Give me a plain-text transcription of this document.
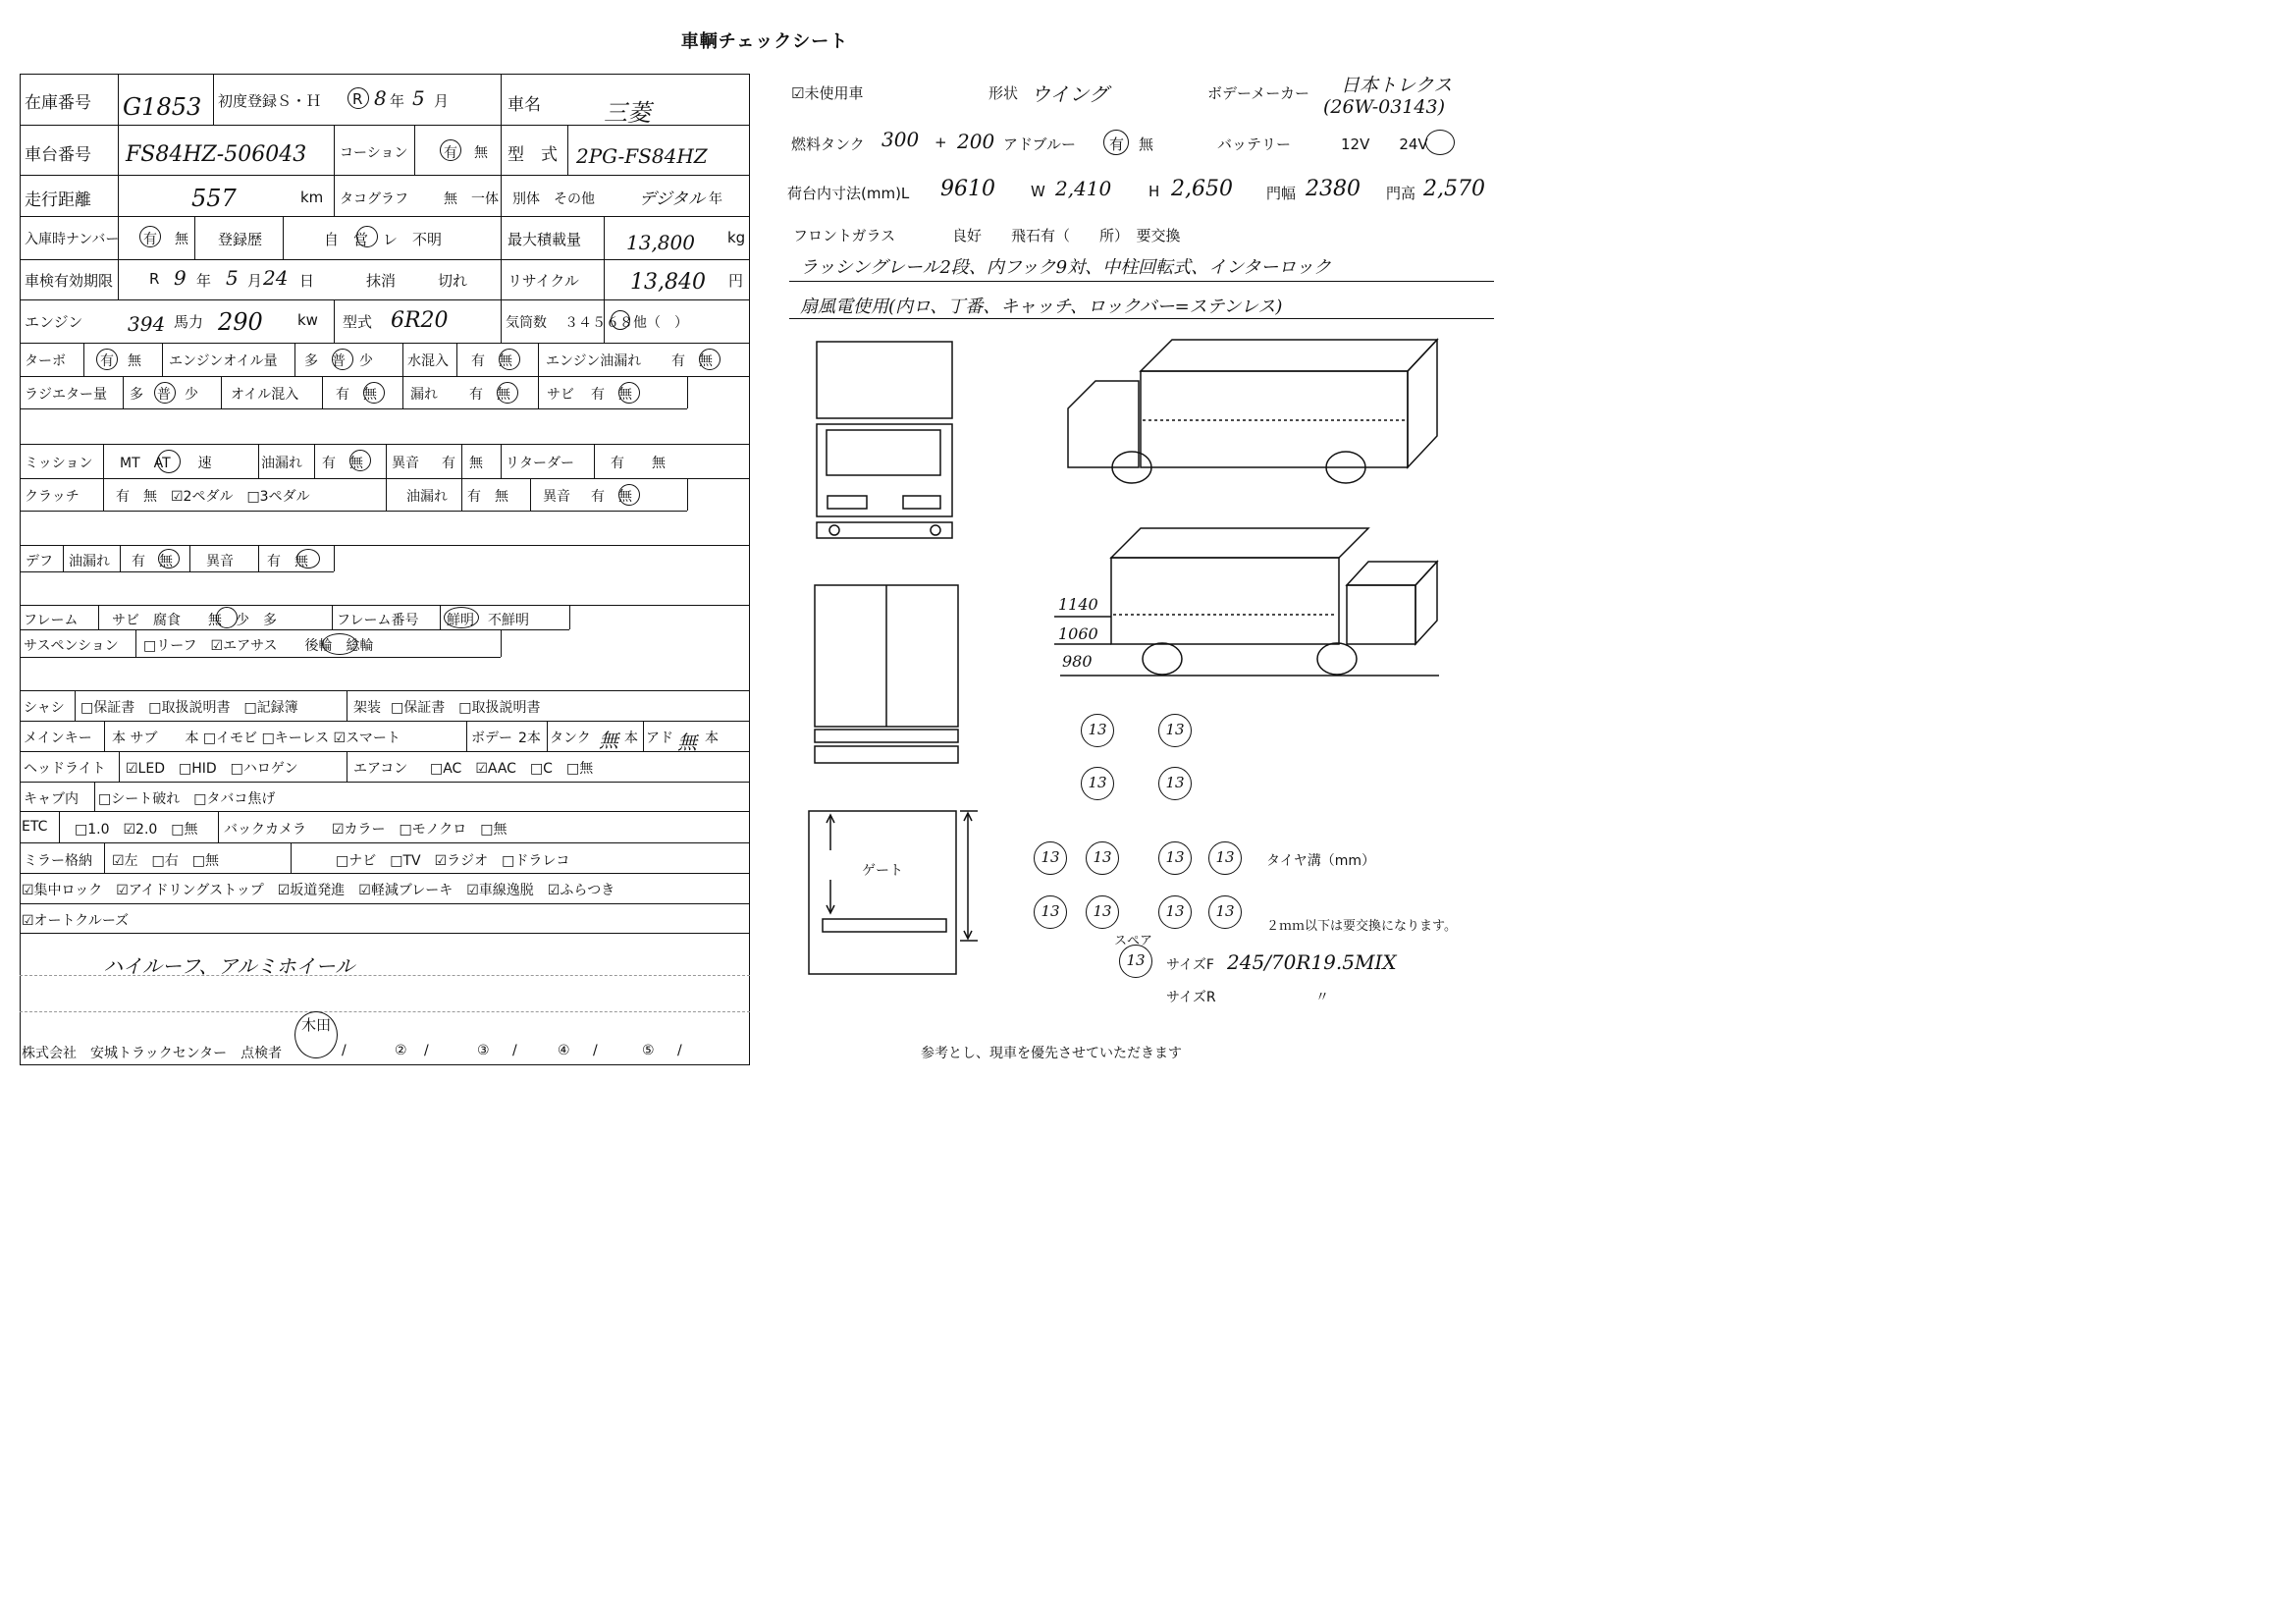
車輌チェックシート
在庫番号 G1853 初度登録Ｓ・Ｈ R 8 年 5 月	車名	三菱
車台番号 FS84HZ-506043 コーション	有 無 型　式 2PG-FS84HZ
走行距離	557	km タコグラフ	無　一体　別体　その他	デジタル 年
入庫時ナンバー 有 無 登録歴	自　営　レ　不明	最大積載量 13,800 kg
車検有効期限 R 9 年 5 月 24 日	抹消	切れ	リサイクル 13,840 円
エンジン 394 馬力 290 kw 型式 6R20	気筒数 ３４５６８他（　）
ターボ	有　無 エンジンオイル量 多　普　少	水混入 有　無 エンジン油漏れ 有　無
ラジエター量 多　普　少 オイル混入	有　無 漏れ 有　無	サビ 有　無
ミッション MT　AT　　速	油漏れ 有　無 異音 有　無 リターダー	有　　無
クラッチ	有　無　☑2ペダル　□3ペダル	油漏れ 有　無	異音 有　無
デフ 油漏れ 有　無 異音 有　無
フレーム サビ　腐食　　無　少　多	フレーム番号 鮮明　不鮮明
サスペンション □リーフ　☑エアサス　　後輪　総輪
シャシ □保証書　□取扱説明書　□記録簿	架装 □保証書　□取扱説明書
メインキー 本 サブ　　本 □イモビ □キーレス ☑スマート	ボデー 2本 タンク 無 本 アド 無 本
ヘッドライト ☑LED　□HID　□ハロゲン	エアコン □AC　☑AAC　□C　□無
キャブ内 □シート破れ　□タバコ焦げ
ETC □1.0　☑2.0　□無 バックカメラ ☑カラー　□モノクロ　□無
ミラー格納 ☑左　□右　□無	□ナビ　□TV　☑ラジオ　□ドラレコ
☑集中ロック　☑アイドリングストップ　☑坂道発進　☑軽減ブレーキ　☑車線逸脱　☑ふらつき
☑オートクルーズ
ハイルーフ、アルミホイール
株式会社　安城トラックセンター　点検者
木田
/	② /	③ /	④ /	⑤ /
☑未使用車	形状 ウイング	ボデーメーカー 日本トレクス
(26W-03143)
燃料タンク 300 + 200 アドブルー 有　無	バッテリー	12V　　24V
荷台内寸法(mm)L 9610 W 2,410	H 2,650 門幅 2380 門高 2,570
フロントガラス	良好　　飛石有（　　所）　要交換
ラッシングレール2段、内フック9対、中柱回転式、インターロック
扇風電使用(内ロ、丁番、キャッチ、ロックバー=ステンレス)
1140
1060
980
ゲート
13	13
13	13
13	13	13	13
13	13	13	13
タイヤ溝（mm）
２ｍｍ以下は要交換になります。
スペア
13	サイズF 245/70R19.5MIX
サイズR	〃
参考とし、現車を優先させていただきます
